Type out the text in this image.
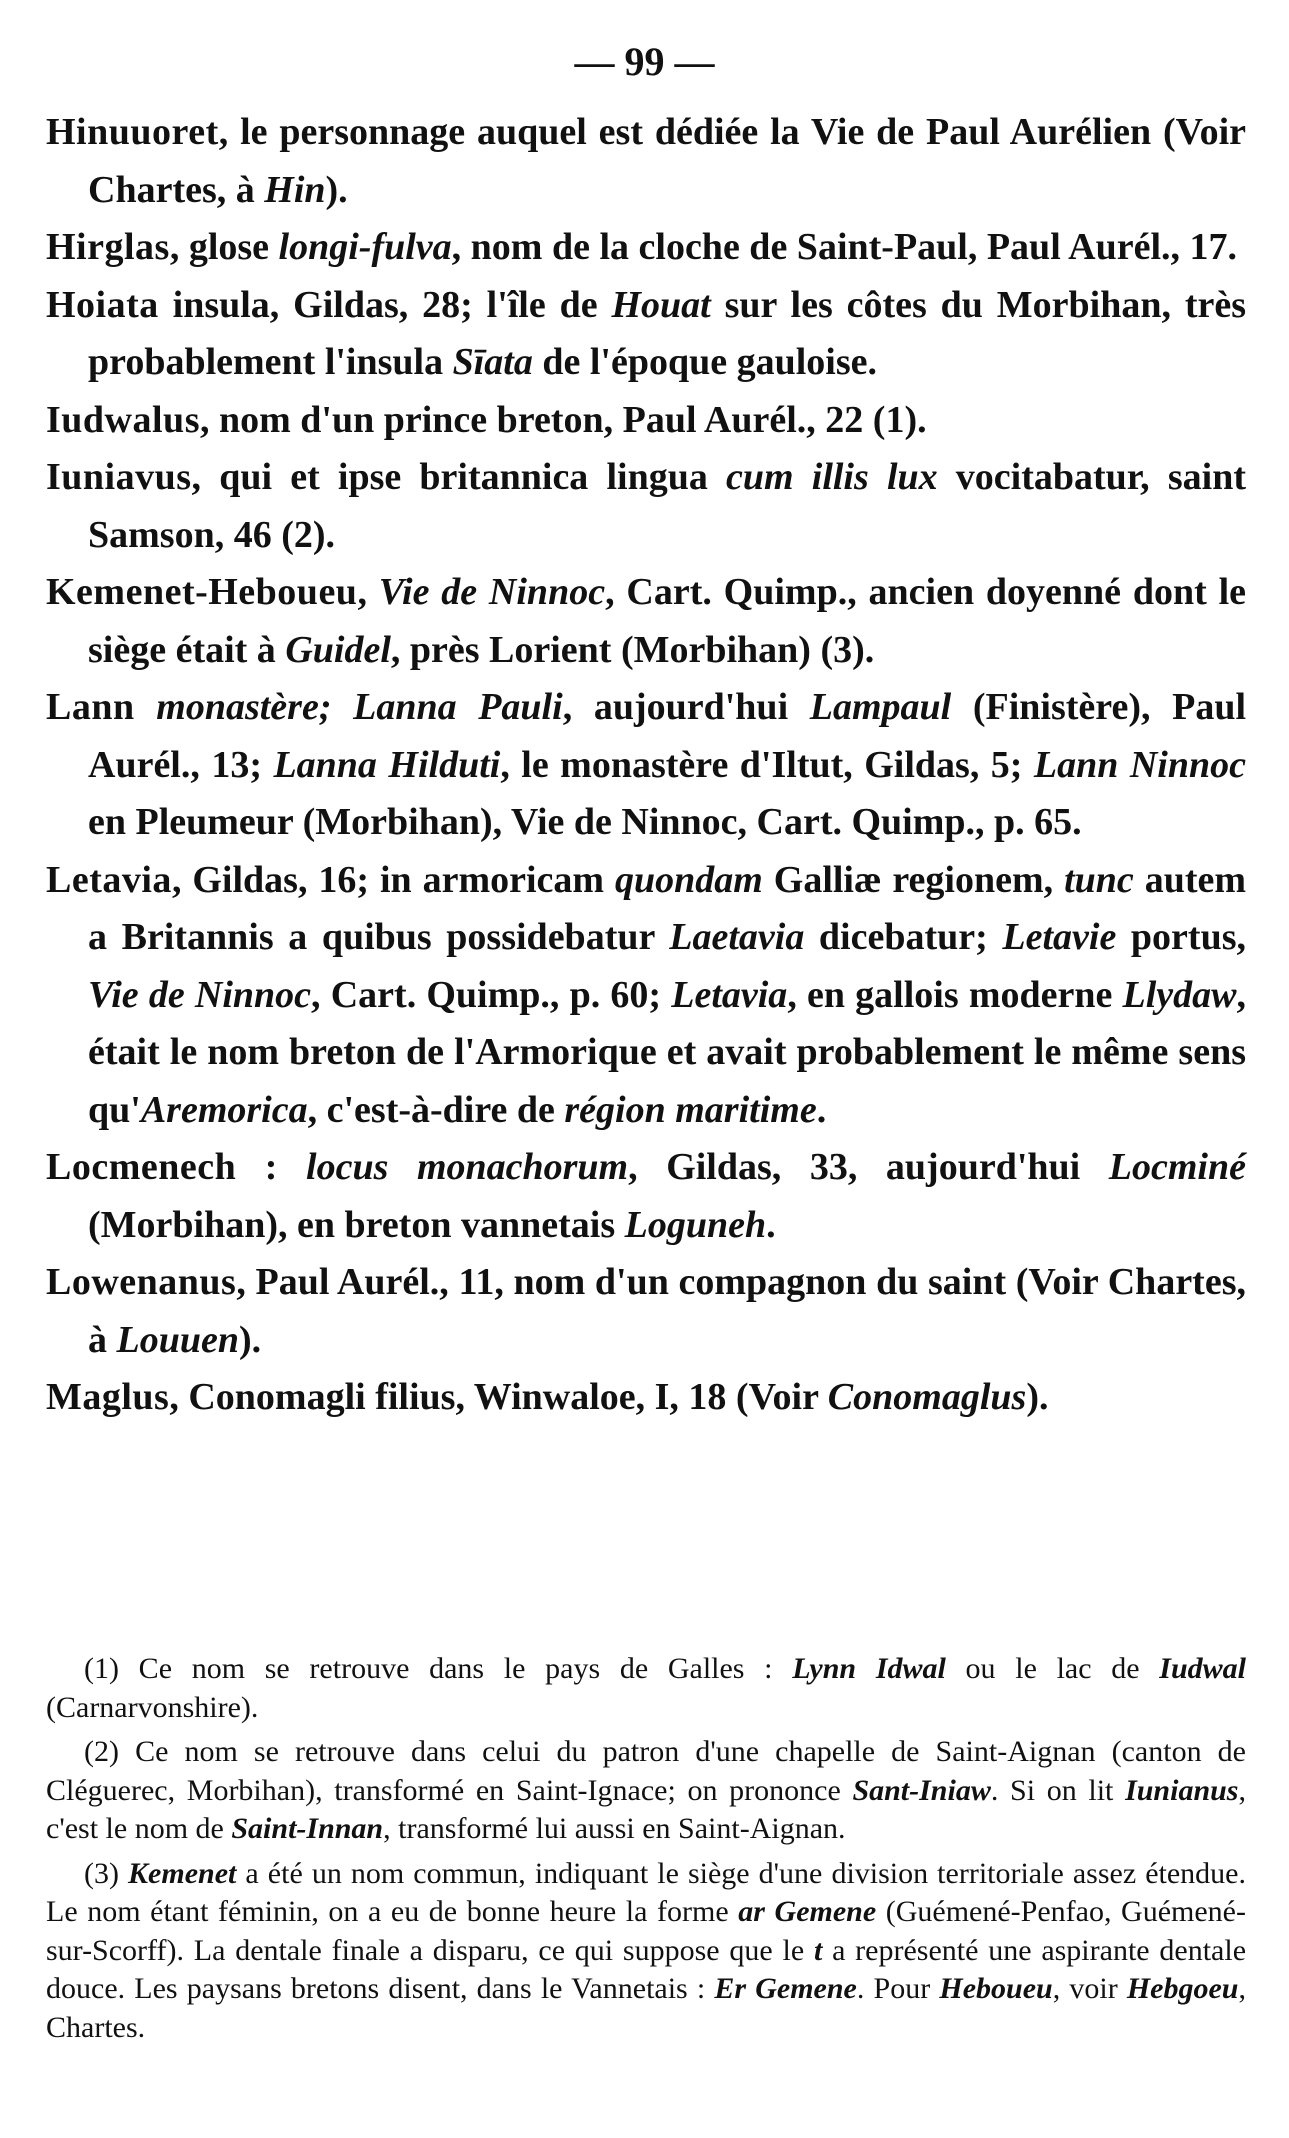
— 99 —

Hinuuoret, le personnage auquel est dédiée la Vie de Paul Aurélien (Voir Chartes, à Hin).

Hirglas, glose longi-fulva, nom de la cloche de Saint-Paul, Paul Aurél., 17.

Hoiata insula, Gildas, 28; l'île de Houat sur les côtes du Morbihan, très probablement l'insula Sīata de l'époque gauloise.

Iudwalus, nom d'un prince breton, Paul Aurél., 22 (1).

Iuniavus, qui et ipse britannica lingua cum illis lux vocitabatur, saint Samson, 46 (2).

Kemenet-Heboueu, Vie de Ninnoc, Cart. Quimp., ancien doyenné dont le siège était à Guidel, près Lorient (Morbihan) (3).

Lann monastère; Lanna Pauli, aujourd'hui Lampaul (Finistère), Paul Aurél., 13; Lanna Hilduti, le monastère d'Iltut, Gildas, 5; Lann Ninnoc en Pleumeur (Morbihan), Vie de Ninnoc, Cart. Quimp., p. 65.

Letavia, Gildas, 16; in armoricam quondam Galliæ regionem, tunc autem a Britannis a quibus possidebatur Laetavia dicebatur; Letavie portus, Vie de Ninnoc, Cart. Quimp., p. 60; Letavia, en gallois moderne Llydaw, était le nom breton de l'Armorique et avait probablement le même sens qu'Aremorica, c'est-à-dire de région maritime.

Locmenech : locus monachorum, Gildas, 33, aujourd'hui Locminé (Morbihan), en breton vannetais Loguneh.

Lowenanus, Paul Aurél., 11, nom d'un compagnon du saint (Voir Chartes, à Louuen).

Maglus, Conomagli filius, Winwaloe, I, 18 (Voir Conomaglus).

(1) Ce nom se retrouve dans le pays de Galles : Lynn Idwal ou le lac de Iudwal (Carnarvonshire).

(2) Ce nom se retrouve dans celui du patron d'une chapelle de Saint-Aignan (canton de Cléguerec, Morbihan), transformé en Saint-Ignace; on prononce Sant-Iniaw. Si on lit Iunianus, c'est le nom de Saint-Innan, transformé lui aussi en Saint-Aignan.

(3) Kemenet a été un nom commun, indiquant le siège d'une division territoriale assez étendue. Le nom étant féminin, on a eu de bonne heure la forme ar Gemene (Guémené-Penfao, Guémené-sur-Scorff). La dentale finale a disparu, ce qui suppose que le t a représenté une aspirante dentale douce. Les paysans bretons disent, dans le Vannetais : Er Gemene. Pour Heboueu, voir Hebgoeu, Chartes.
